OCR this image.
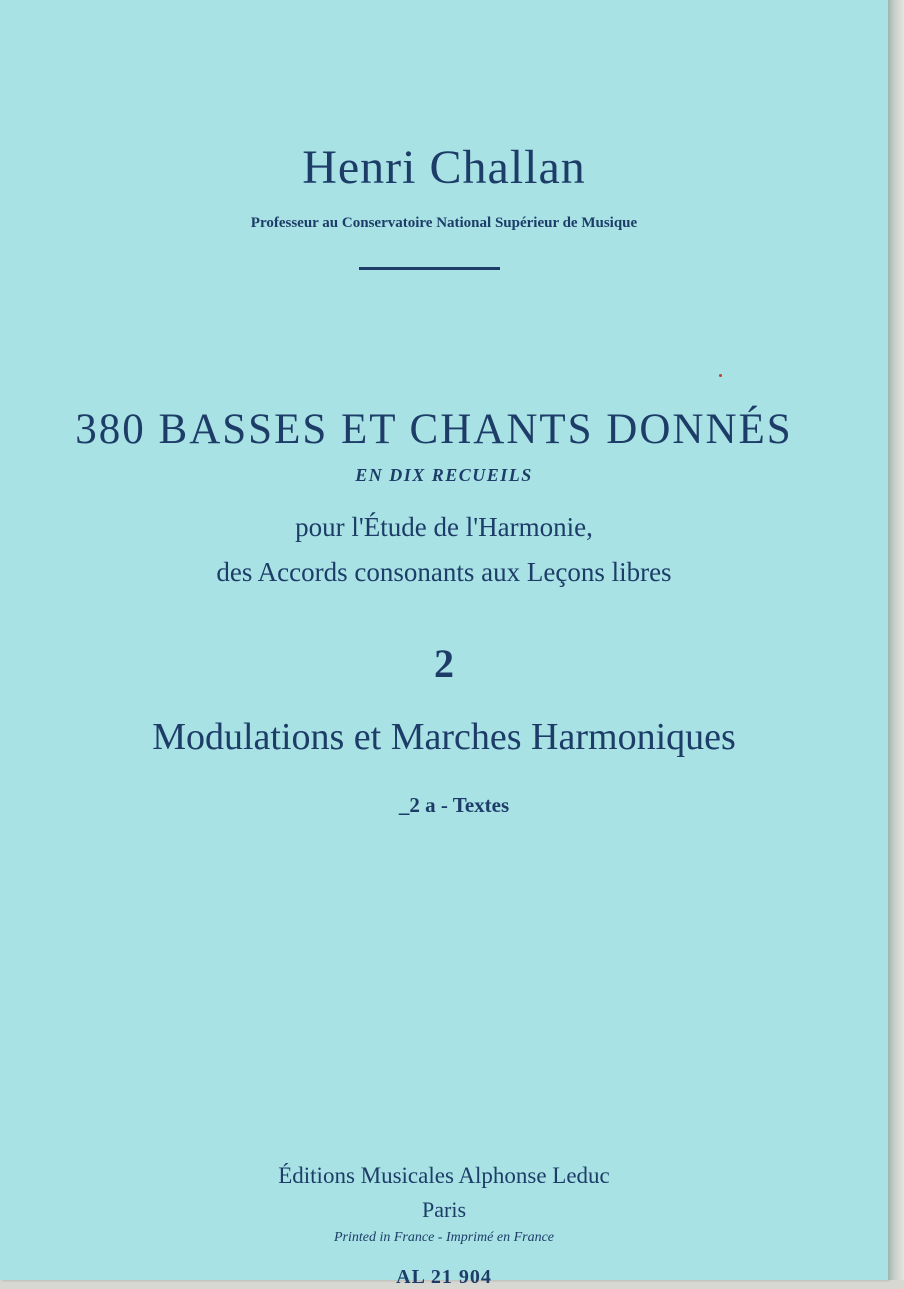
Henri Challan
Professeur au Conservatoire National Supérieur de Musique
380 BASSES ET CHANTS DONNÉS
EN DIX RECUEILS
pour l'Étude de l'Harmonie,
des Accords consonants aux Leçons libres
2
Modulations et Marches Harmoniques
_2 a - Textes
Éditions Musicales Alphonse Leduc
Paris
Printed in France - Imprimé en France
AL 21 904
